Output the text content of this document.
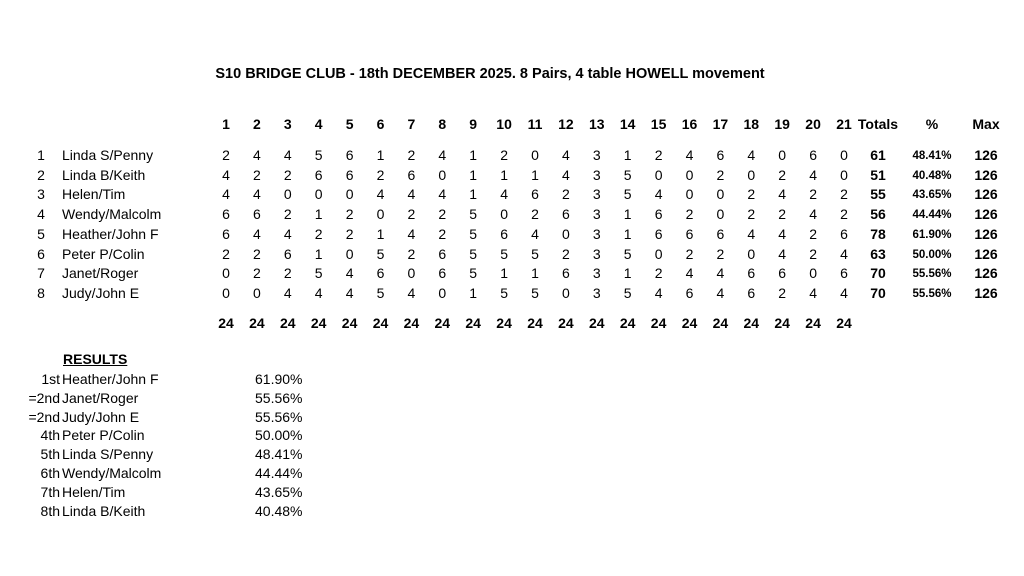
S10 BRIDGE CLUB - 18th DECEMBER 2025. 8 Pairs, 4 table HOWELL movement
1 2 3 4 5 6 7 8 9 10 11 12 13 14 15 16 17 18 19 20 21 Totals % Max
1 Linda S/Penny	2 4 4 5 6 1 2 4 1 2 0 4 3 1 2 4 6 4 0 6 0 61 48.41% 126
2 Linda B/Keith	4 2 2 6 6 2 6 0 1 1 1 4 3 5 0 0 2 0 2 4 0 51 40.48% 126
3 Helen/Tim	4 4 0 0 0 4 4 4 1 4 6 2 3 5 4 0 0 2 4 2 2 55 43.65% 126
4 Wendy/Malcolm	6 6 2 1 2 0 2 2 5 0 2 6 3 1 6 2 0 2 2 4 2 56 44.44% 126
5 Heather/John F	6 4 4 2 2 1 4 2 5 6 4 0 3 1 6 6 6 4 4 2 6 78 61.90% 126
6 Peter P/Colin	2 2 6 1 0 5 2 6 5 5 5 2 3 5 0 2 2 0 4 2 4 63 50.00% 126
7 Janet/Roger	0 2 2 5 4 6 0 6 5 1 1 6 3 1 2 4 4 6 6 0 6 70 55.56% 126
8 Judy/John E	0 0 4 4 4 5 4 0 1 5 5 0 3 5 4 6 4 6 2 4 4 70 55.56% 126
24 24 24 24 24 24 24 24 24 24 24 24 24 24 24 24 24 24 24 24 24
RESULTS
1st Heather/John F	61.90%
=2nd Janet/Roger	55.56%
=2nd Judy/John E	55.56%
4th Peter P/Colin	50.00%
5th Linda S/Penny	48.41%
6th Wendy/Malcolm	44.44%
7th Helen/Tim	43.65%
8th Linda B/Keith	40.48%
